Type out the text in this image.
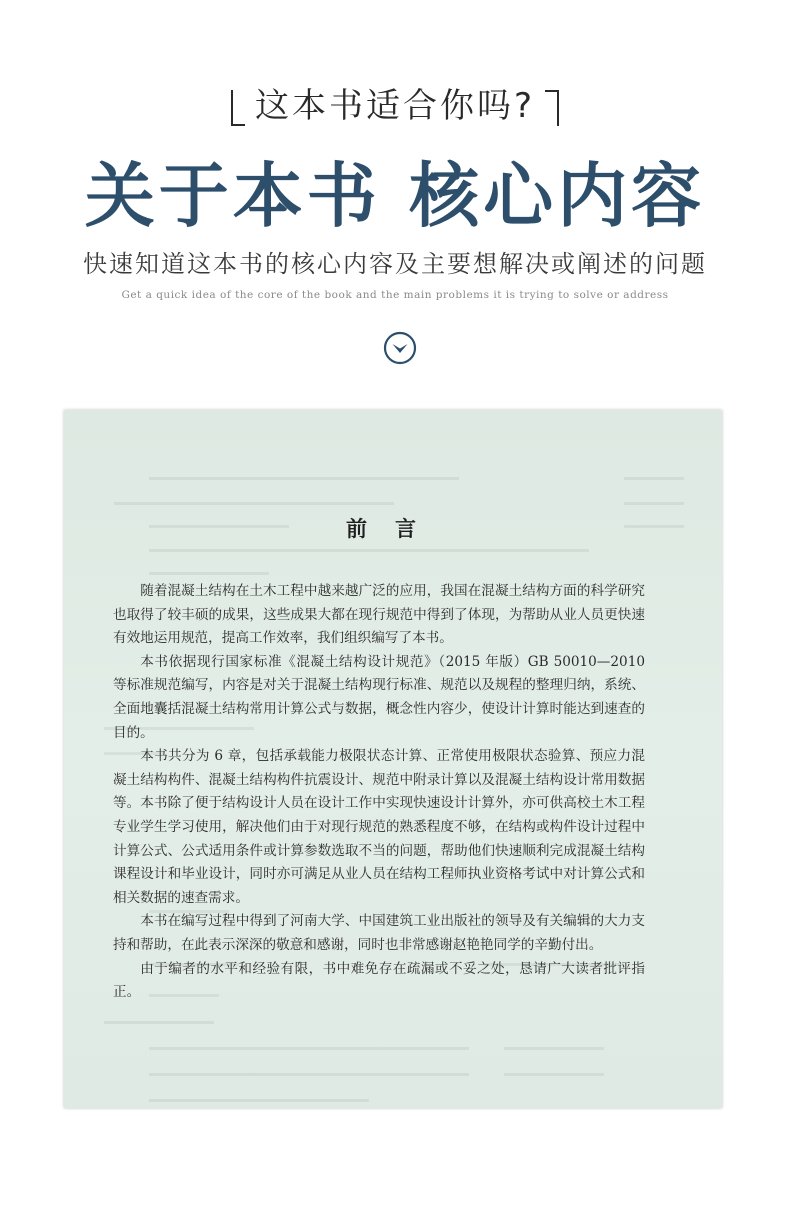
这本书适合你吗?
关于本书 核心内容
快速知道这本书的核心内容及主要想解决或阐述的问题
Get a quick idea of the core of the book and the main problems it is trying to solve or address
前言

随着混凝土结构在土木工程中越来越广泛的应用，我国在混凝土结构方面的科学研究也取得了较丰硕的成果，这些成果大都在现行规范中得到了体现，为帮助从业人员更快速有效地运用规范，提高工作效率，我们组织编写了本书。

本书依据现行国家标准《混凝土结构设计规范》（2015 年版）GB 50010—2010 等标准规范编写，内容是对关于混凝土结构现行标准、规范以及规程的整理归纳，系统、全面地囊括混凝土结构常用计算公式与数据，概念性内容少，使设计计算时能达到速查的目的。

本书共分为 6 章，包括承载能力极限状态计算、正常使用极限状态验算、预应力混凝土结构构件、混凝土结构构件抗震设计、规范中附录计算以及混凝土结构设计常用数据等。本书除了便于结构设计人员在设计工作中实现快速设计计算外，亦可供高校土木工程专业学生学习使用，解决他们由于对现行规范的熟悉程度不够，在结构或构件设计过程中计算公式、公式适用条件或计算参数选取不当的问题，帮助他们快速顺利完成混凝土结构课程设计和毕业设计，同时亦可满足从业人员在结构工程师执业资格考试中对计算公式和相关数据的速查需求。

本书在编写过程中得到了河南大学、中国建筑工业出版社的领导及有关编辑的大力支持和帮助，在此表示深深的敬意和感谢，同时也非常感谢赵艳艳同学的辛勤付出。

由于编者的水平和经验有限，书中难免存在疏漏或不妥之处，恳请广大读者批评指正。
